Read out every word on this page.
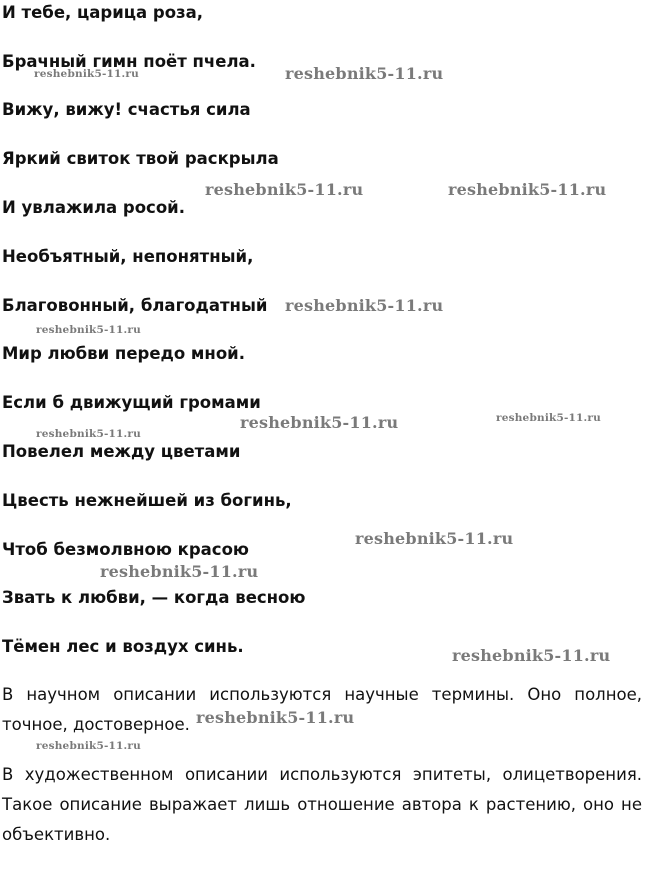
И тебе, царица роза,

Брачный гимн поёт пчела.

Вижу, вижу! счастья сила

Яркий свиток твой раскрыла

И увлажила росой.

Необъятный, непонятный,

Благовонный, благодатный

Мир любви передо мной.

Если б движущий громами

Повелел между цветами

Цвесть нежнейшей из богинь,

Чтоб безмолвною красою

Звать к любви, — когда весною

Тёмен лес и воздух синь.

В научном описании используются научные термины. Оно полное, точное, достоверное.

В художественном описании используются эпитеты, олицетворения. Такое описание выражает лишь отношение автора к растению, оно не объективно.

reshebnik5-11.ru	reshebnik5-11.ru
reshebnik5-11.ru	reshebnik5-11.ru
reshebnik5-11.ru
reshebnik5-11.ru
reshebnik5-11.ru	reshebnik5-11.ru
reshebnik5-11.ru
reshebnik5-11.ru
reshebnik5-11.ru
reshebnik5-11.ru
reshebnik5-11.ru
reshebnik5-11.ru
